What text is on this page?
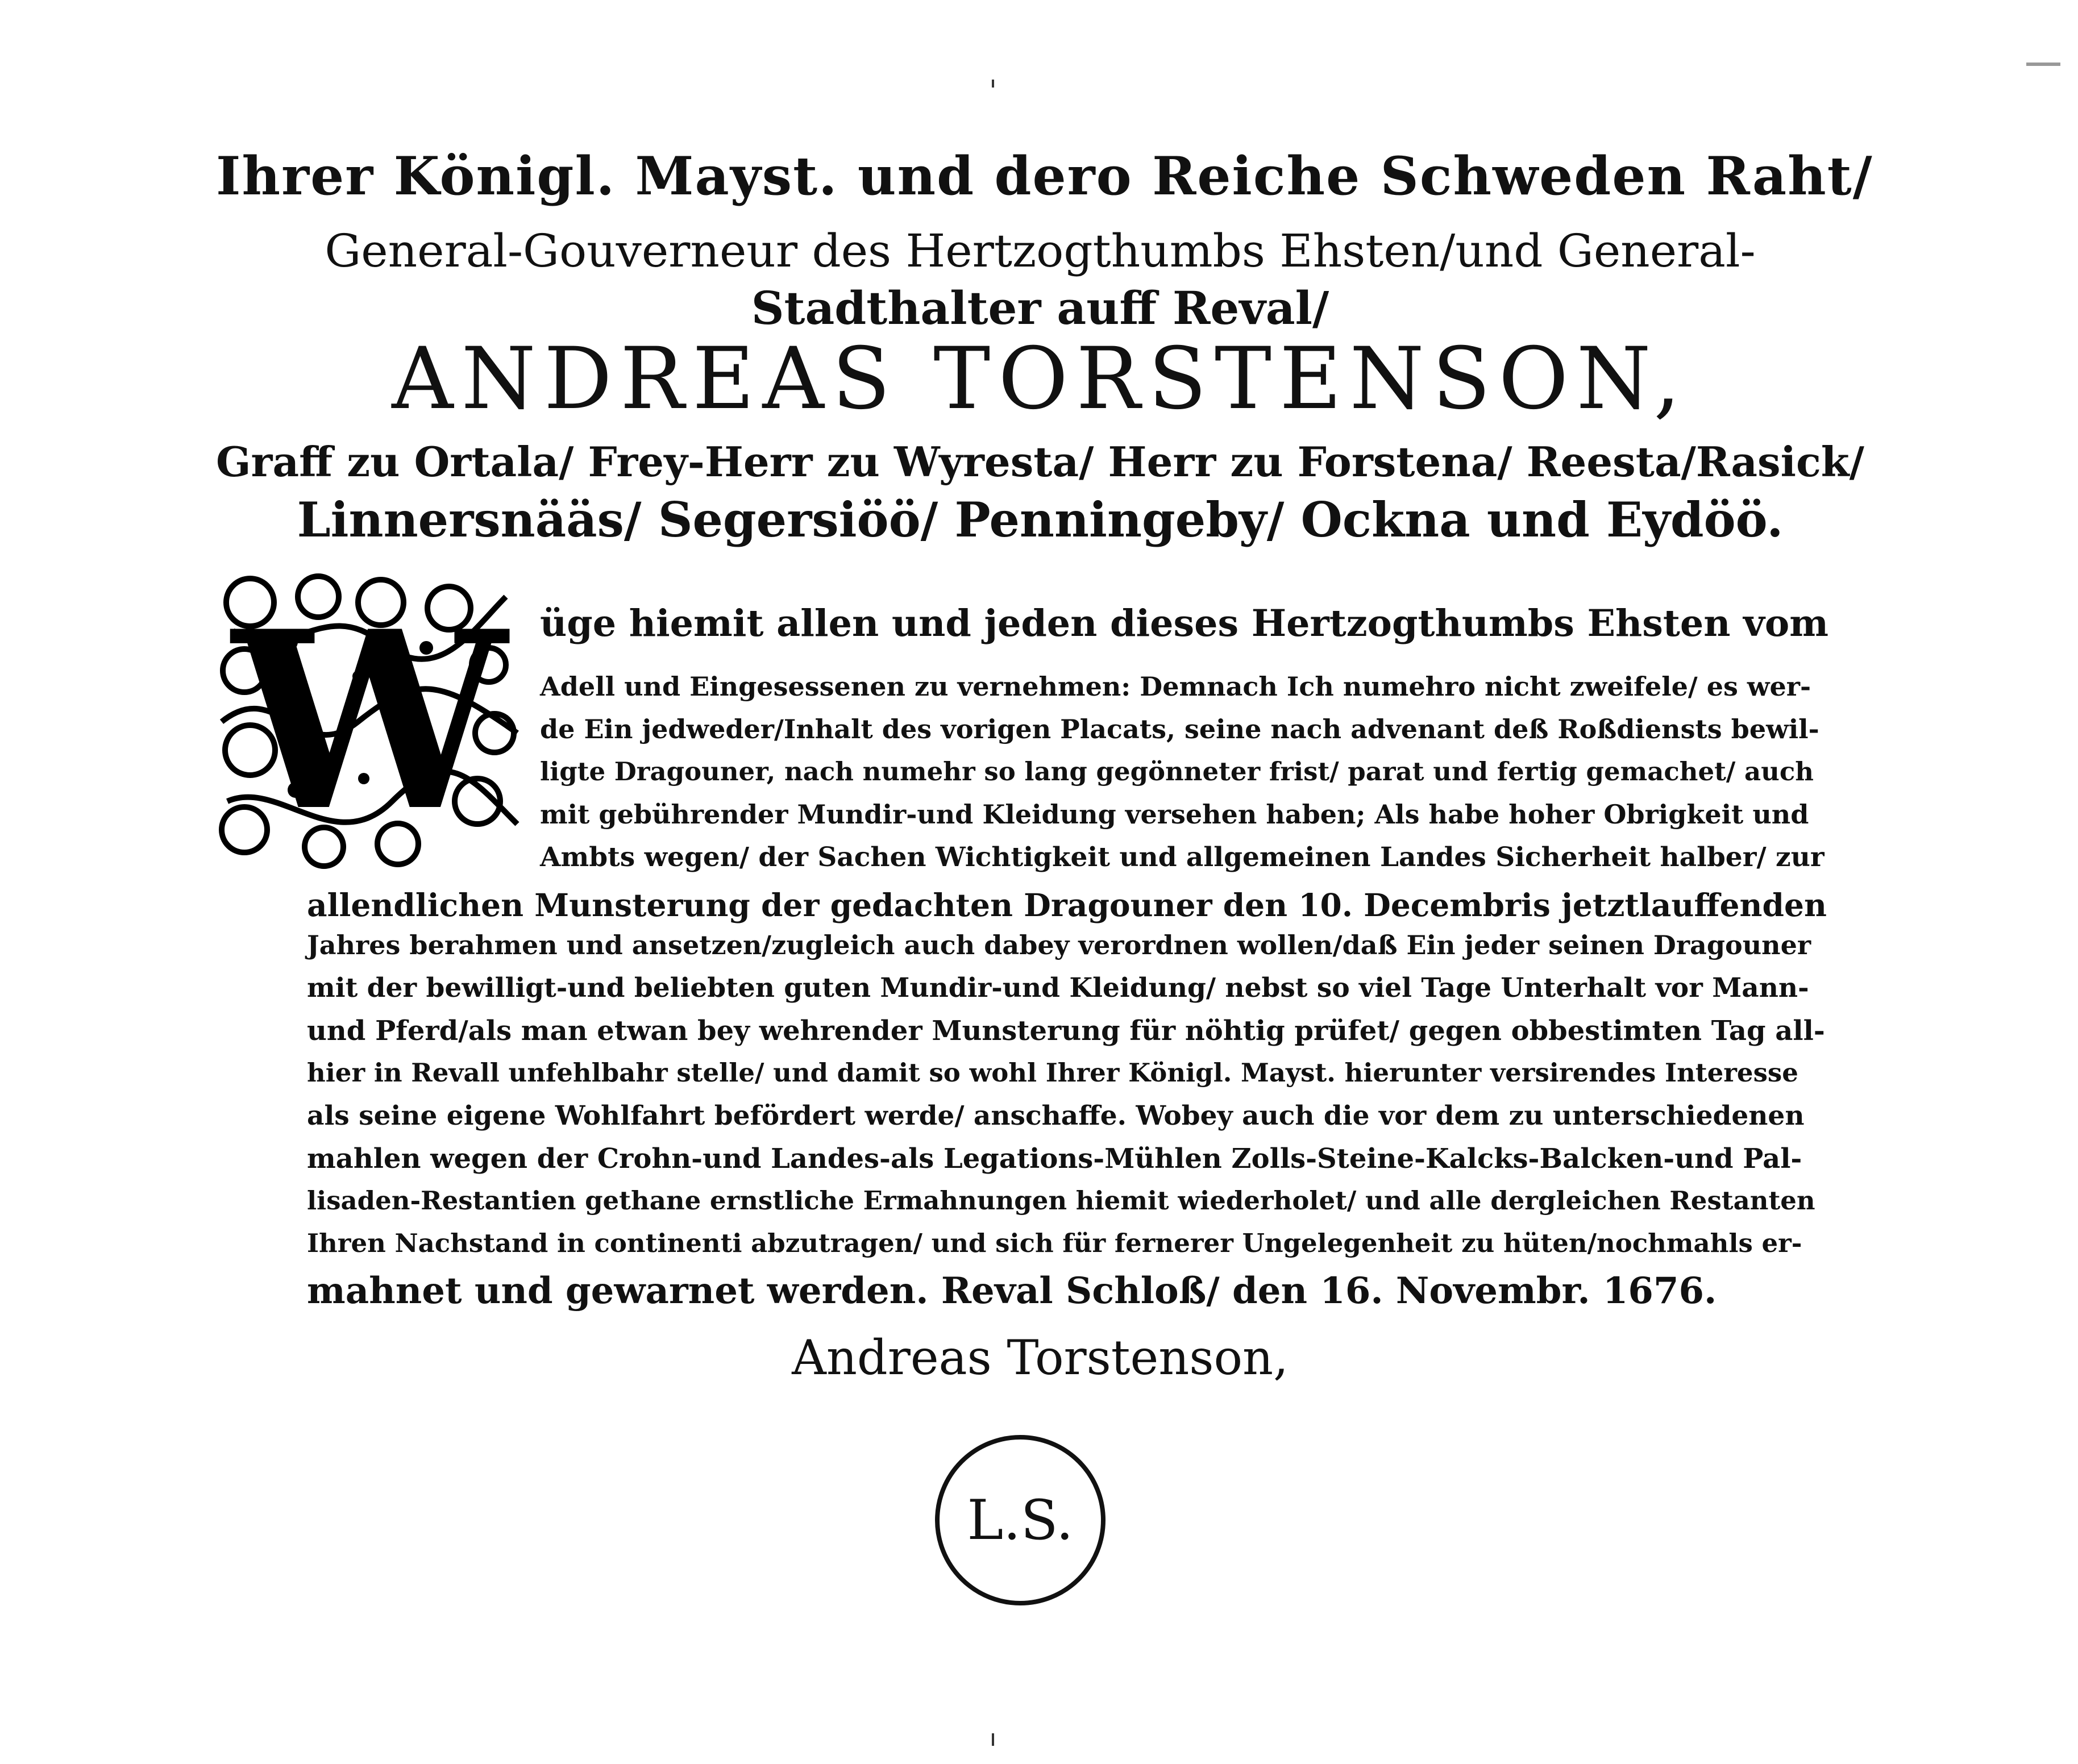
Ihrer Königl. Mayst. und dero Reiche Schweden Raht/
General-Gouverneur des Hertzogthumbs Ehsten/und General-
Stadthalter auff Reval/
ANDREAS TORSTENSON,
Graff zu Ortala/ Frey-Herr zu Wyresta/ Herr zu Forstena/ Reesta/Rasick/
Linnersnääs/ Segersiöö/ Penningeby/ Ockna und Eydöö.
W üge hiemit allen und jeden dieses Hertzogthumbs Ehsten vom
Adell und Eingesessenen zu vernehmen: Demnach Ich numehro nicht zweifele/ es wer-
de Ein jedweder/Inhalt des vorigen Placats, seine nach advenant deß Roßdiensts bewil-
ligte Dragouner, nach numehr so lang gegönneter frist/ parat und fertig gemachet/ auch
mit gebührender Mundir-und Kleidung versehen haben; Als habe hoher Obrigkeit und
Ambts wegen/ der Sachen Wichtigkeit und allgemeinen Landes Sicherheit halber/ zur
allendlichen Munsterung der gedachten Dragouner den 10. Decembris jetztlauffenden
Jahres berahmen und ansetzen/zugleich auch dabey verordnen wollen/daß Ein jeder seinen Dragouner
mit der bewilligt-und beliebten guten Mundir-und Kleidung/ nebst so viel Tage Unterhalt vor Mann-
und Pferd/als man etwan bey wehrender Munsterung für nöhtig prüfet/ gegen obbestimten Tag all-
hier in Revall unfehlbahr stelle/ und damit so wohl Ihrer Königl. Mayst. hierunter versirendes Interesse
als seine eigene Wohlfahrt befördert werde/ anschaffe. Wobey auch die vor dem zu unterschiedenen
mahlen wegen der Crohn-und Landes-als Legations-Mühlen Zolls-Steine-Kalcks-Balcken-und Pal-
lisaden-Restantien gethane ernstliche Ermahnungen hiemit wiederholet/ und alle dergleichen Restanten
Ihren Nachstand in continenti abzutragen/ und sich für fernerer Ungelegenheit zu hüten/nochmahls er-
mahnet und gewarnet werden. Reval Schloß/ den 16. Novembr. 1676.
Andreas Torstenson,
L.S.
